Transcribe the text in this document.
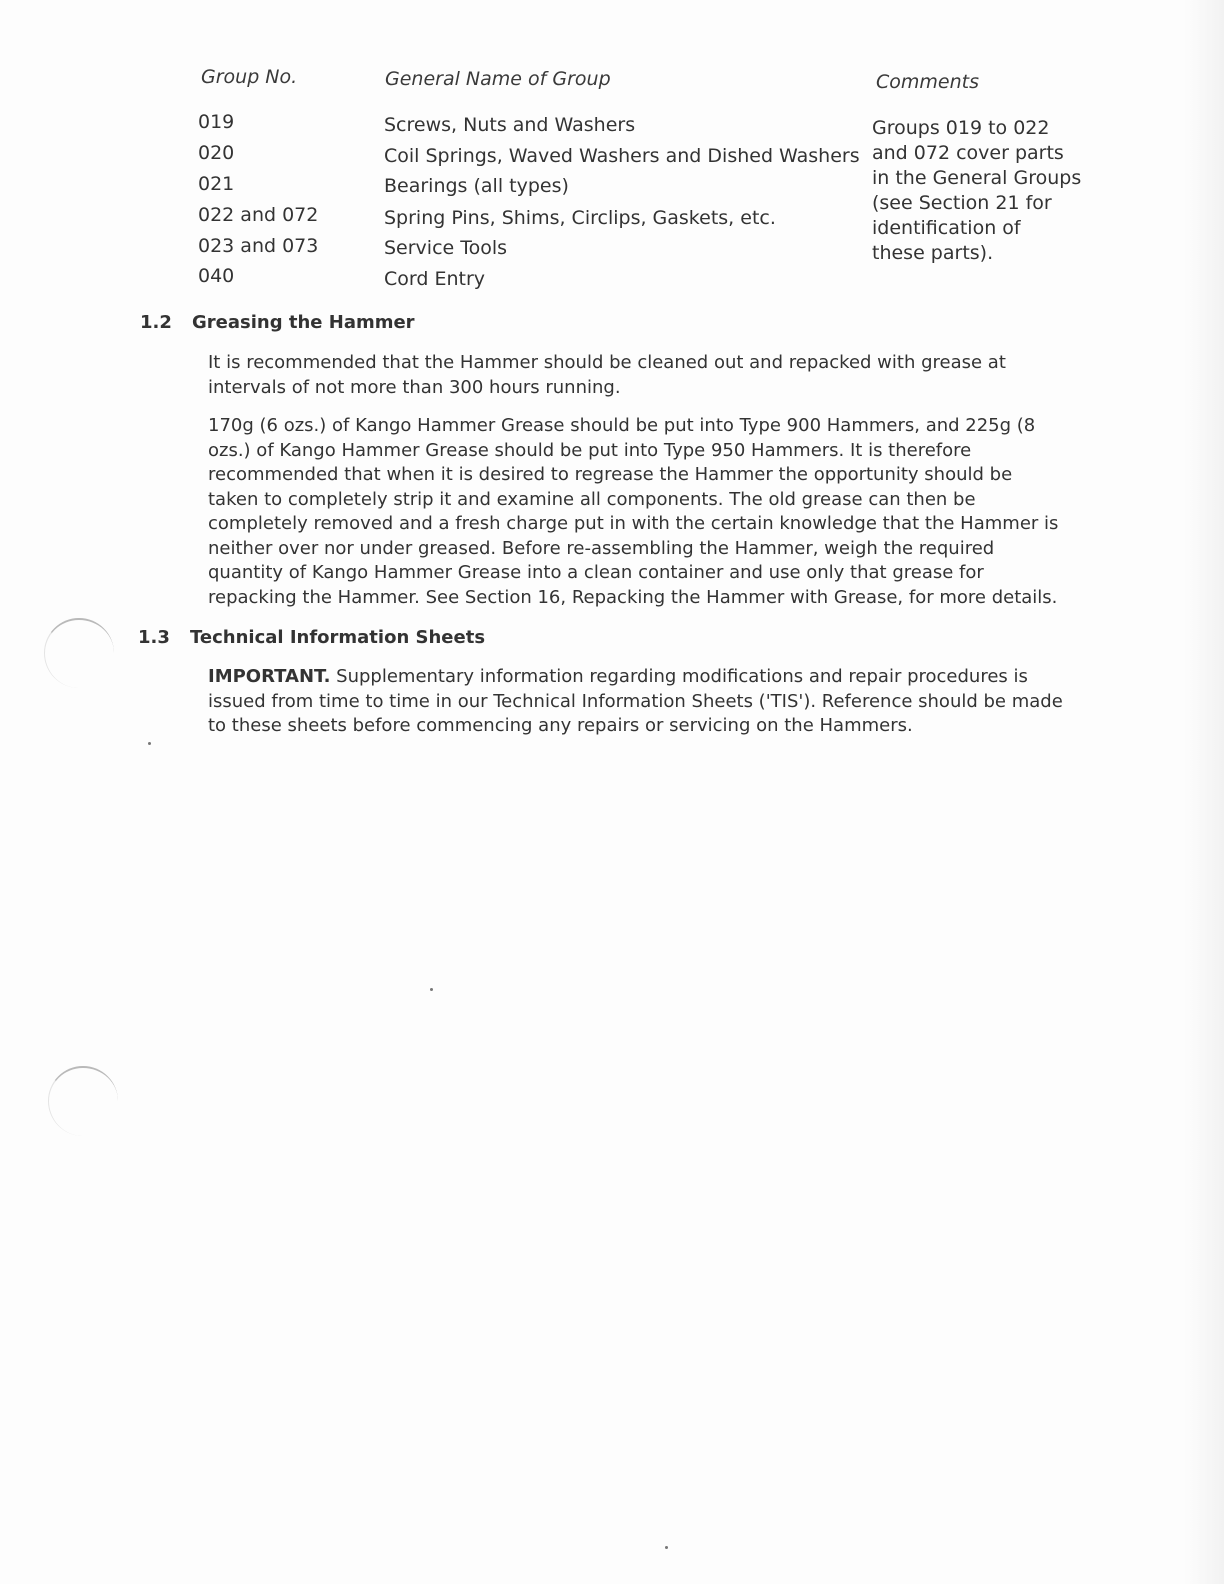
Group No.	General Name of Group	Comments
019	Screws, Nuts and Washers
020	Coil Springs, Waved Washers and Dished Washers
021	Bearings (all types)
022 and 072	Spring Pins, Shims, Circlips, Gaskets, etc.
023 and 073	Service Tools
040	Cord Entry
Groups 019 to 022
and 072 cover parts
in the General Groups
(see Section 21 for
identification of
these parts).
1.2 Greasing the Hammer
It is recommended that the Hammer should be cleaned out and repacked with grease at intervals of not more than 300 hours running.
170g (6 ozs.) of Kango Hammer Grease should be put into Type 900 Hammers, and 225g (8 ozs.) of Kango Hammer Grease should be put into Type 950 Hammers. It is therefore recommended that when it is desired to regrease the Hammer the opportunity should be taken to completely strip it and examine all components. The old grease can then be completely removed and a fresh charge put in with the certain knowledge that the Hammer is neither over nor under greased. Before re-assembling the Hammer, weigh the required quantity of Kango Hammer Grease into a clean container and use only that grease for repacking the Hammer. See Section 16, Repacking the Hammer with Grease, for more details.
1.3 Technical Information Sheets
IMPORTANT. Supplementary information regarding modifications and repair procedures is issued from time to time in our Technical Information Sheets ('TIS'). Reference should be made to these sheets before commencing any repairs or servicing on the Hammers.
